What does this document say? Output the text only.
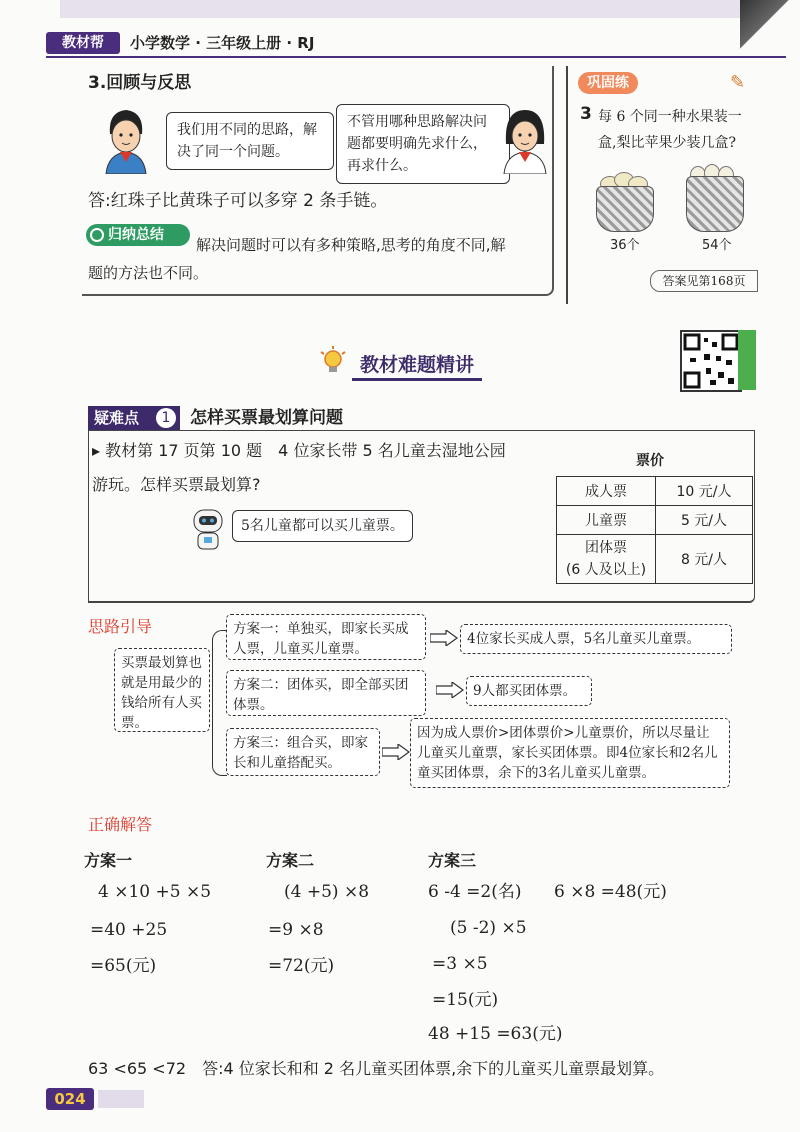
教材帮	小学数学 · 三年级上册 · RJ
3.回顾与反思
我们用不同的思路，解决了同一个问题。
不管用哪种思路解决问题都要明确先求什么，再求什么。
答:红珠子比黄珠子可以多穿 2 条手链。
归纳总结
解决问题时可以有多种策略,思考的角度不同,解
题的方法也不同。
巩固练	✎
3 每 6 个同一种水果装一盒,梨比苹果少装几盒?
36个	54个
答案见第168页
教材难题精讲
疑难点	1	怎样买票最划算问题
▸ 教材第 17 页第 10 题　4 位家长带 5 名儿童去湿地公园
游玩。怎样买票最划算?
5名儿童都可以买儿童票。
票价
成人票	10 元/人
儿童票	5 元/人

团体票
(6 人及以上)	8 元/人
思路引导
买票最划算也就是用最少的钱给所有人买票。
方案一：单独买，即家长买成人票，儿童买儿童票。
4位家长买成人票，5名儿童买儿童票。
方案二：团体买，即全部买团体票。
9人都买团体票。
方案三：组合买，即家长和儿童搭配买。
因为成人票价>团体票价>儿童票价，所以尽量让儿童买儿童票，家长买团体票。即4位家长和2名儿童买团体票，余下的3名儿童买儿童票。
正确解答
方案一
4 ×10 +5 ×5
=40 +25
=65(元)
方案二
(4 +5) ×8
=9 ×8
=72(元)
方案三
6 -4 =2(名) 6 ×8 =48(元)
(5 -2) ×5
=3 ×5
=15(元)
48 +15 =63(元)
63 <65 <72　答:4 位家长和和 2 名儿童买团体票,余下的儿童买儿童票最划算。
024
